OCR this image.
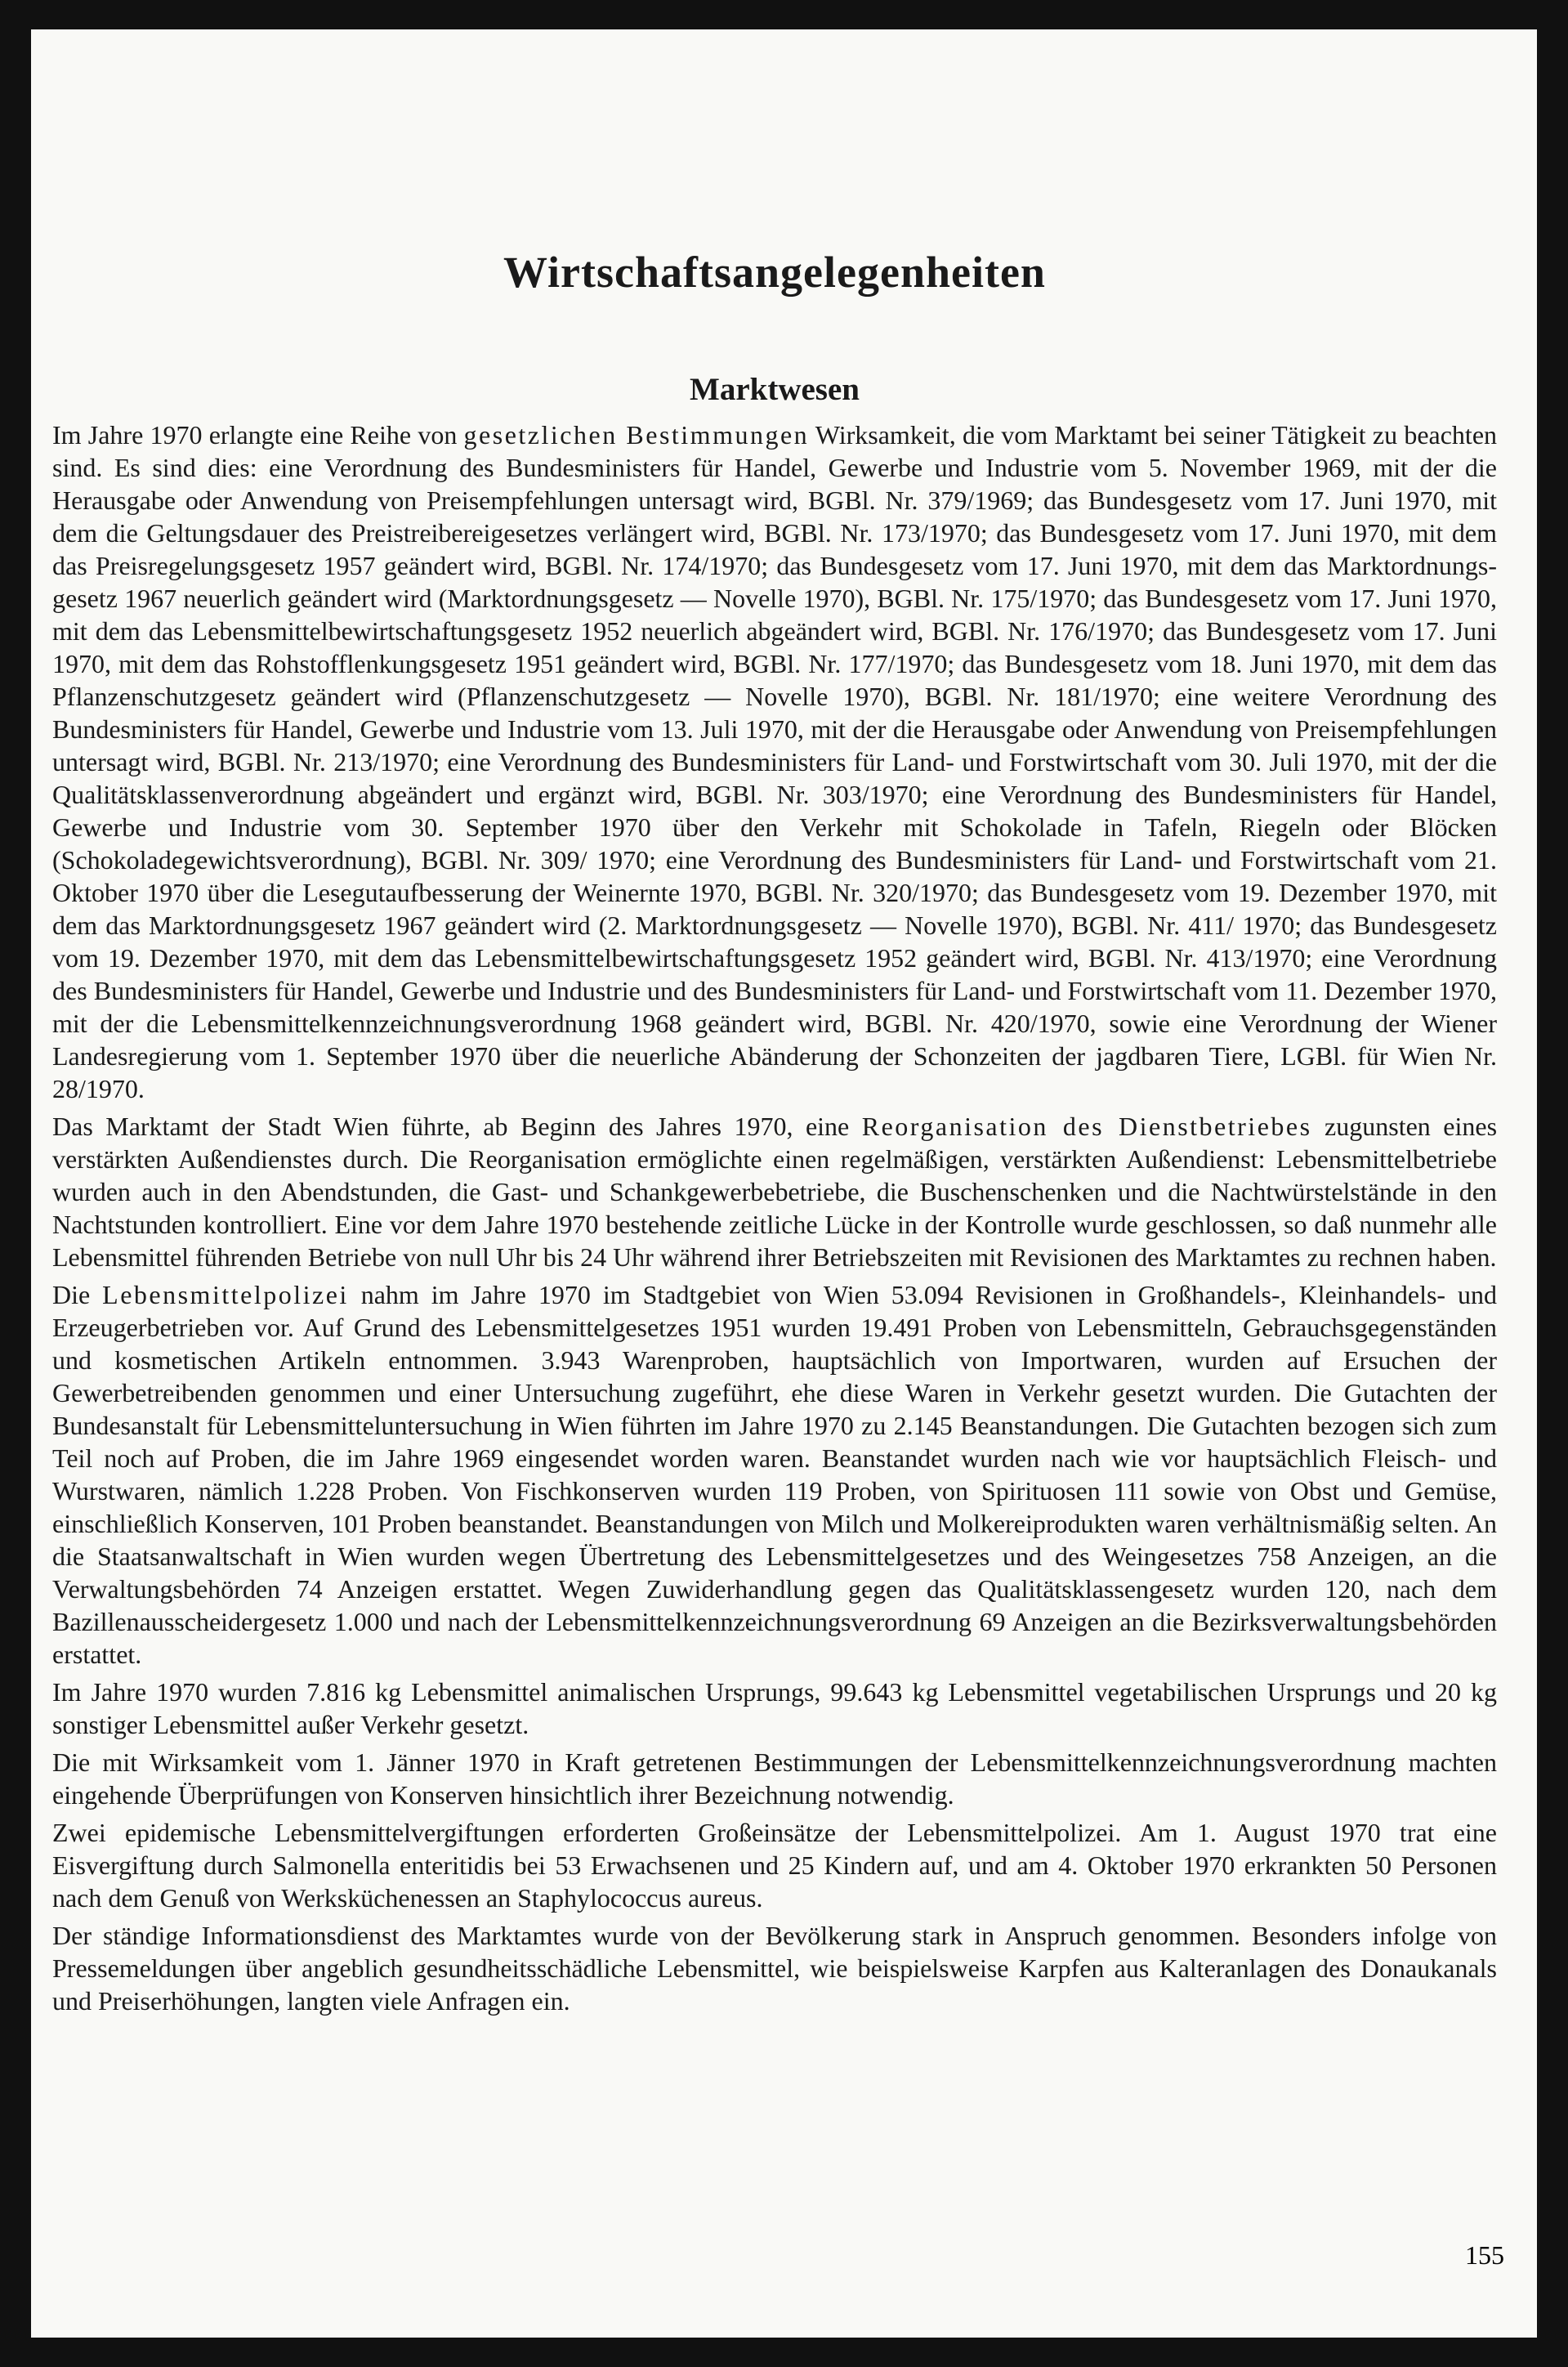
Wirtschaftsangelegenheiten
Marktwesen

Im Jahre 1970 erlangte eine Reihe von gesetzlichen Bestimmungen Wirksamkeit, die vom Marktamt bei seiner Tätigkeit zu beachten sind. Es sind dies: eine Verordnung des Bundesministers für Handel, Gewerbe und Industrie vom 5. November 1969, mit der die Herausgabe oder Anwendung von Preisempfehlungen untersagt wird, BGBl. Nr. 379/1969; das Bundesgesetz vom 17. Juni 1970, mit dem die Geltungsdauer des Preistreibereigesetzes verlängert wird, BGBl. Nr. 173/1970; das Bundesgesetz vom 17. Juni 1970, mit dem das Preisregelungsgesetz 1957 geändert wird, BGBl. Nr. 174/1970; das Bundesgesetz vom 17. Juni 1970, mit dem das Marktordnungsgesetz 1967 neuerlich geändert wird (Marktordnungsgesetz — Novelle 1970), BGBl. Nr. 175/1970; das Bundesgesetz vom 17. Juni 1970, mit dem das Lebensmittelbewirtschaftungsgesetz 1952 neuerlich abgeändert wird, BGBl. Nr. 176/1970; das Bundesgesetz vom 17. Juni 1970, mit dem das Rohstofflenkungsgesetz 1951 geändert wird, BGBl. Nr. 177/1970; das Bundesgesetz vom 18. Juni 1970, mit dem das Pflanzenschutzgesetz geändert wird (Pflanzenschutzgesetz — Novelle 1970), BGBl. Nr. 181/1970; eine weitere Verordnung des Bundesministers für Handel, Gewerbe und Industrie vom 13. Juli 1970, mit der die Herausgabe oder Anwendung von Preisempfehlungen untersagt wird, BGBl. Nr. 213/1970; eine Verordnung des Bundesministers für Land- und Forstwirtschaft vom 30. Juli 1970, mit der die Qualitätsklassenverordnung abgeändert und ergänzt wird, BGBl. Nr. 303/1970; eine Verordnung des Bundesministers für Handel, Gewerbe und Industrie vom 30. September 1970 über den Verkehr mit Schokolade in Tafeln, Riegeln oder Blöcken (Schokoladegewichtsverordnung), BGBl. Nr. 309/ 1970; eine Verordnung des Bundesministers für Land- und Forstwirtschaft vom 21. Oktober 1970 über die Lesegutaufbesserung der Weinernte 1970, BGBl. Nr. 320/1970; das Bundesgesetz vom 19. Dezember 1970, mit dem das Marktordnungsgesetz 1967 geändert wird (2. Marktordnungsgesetz — Novelle 1970), BGBl. Nr. 411/ 1970; das Bundesgesetz vom 19. Dezember 1970, mit dem das Lebensmittelbewirtschaftungsgesetz 1952 geändert wird, BGBl. Nr. 413/1970; eine Verordnung des Bundesministers für Handel, Gewerbe und Industrie und des Bundesministers für Land- und Forstwirtschaft vom 11. Dezember 1970, mit der die Lebensmittelkennzeichnungsverordnung 1968 geändert wird, BGBl. Nr. 420/1970, sowie eine Verordnung der Wiener Landesregierung vom 1. September 1970 über die neuerliche Abänderung der Schonzeiten der jagdbaren Tiere, LGBl. für Wien Nr. 28/1970.

Das Marktamt der Stadt Wien führte, ab Beginn des Jahres 1970, eine Reorganisation des Dienstbetriebes zugunsten eines verstärkten Außendienstes durch. Die Reorganisation ermöglichte einen regelmäßigen, verstärkten Außendienst: Lebensmittelbetriebe wurden auch in den Abendstunden, die Gast- und Schankgewerbebetriebe, die Buschenschenken und die Nachtwürstelstände in den Nachtstunden kontrolliert. Eine vor dem Jahre 1970 bestehende zeitliche Lücke in der Kontrolle wurde geschlossen, so daß nunmehr alle Lebensmittel führenden Betriebe von null Uhr bis 24 Uhr während ihrer Betriebszeiten mit Revisionen des Marktamtes zu rechnen haben.

Die Lebensmittelpolizei nahm im Jahre 1970 im Stadtgebiet von Wien 53.094 Revisionen in Großhandels-, Kleinhandels- und Erzeugerbetrieben vor. Auf Grund des Lebensmittelgesetzes 1951 wurden 19.491 Proben von Lebensmitteln, Gebrauchsgegenständen und kosmetischen Artikeln entnommen. 3.943 Warenproben, hauptsächlich von Importwaren, wurden auf Ersuchen der Gewerbetreibenden genommen und einer Untersuchung zugeführt, ehe diese Waren in Verkehr gesetzt wurden. Die Gutachten der Bundesanstalt für Lebensmitteluntersuchung in Wien führten im Jahre 1970 zu 2.145 Beanstandungen. Die Gutachten bezogen sich zum Teil noch auf Proben, die im Jahre 1969 eingesendet worden waren. Beanstandet wurden nach wie vor hauptsächlich Fleisch- und Wurstwaren, nämlich 1.228 Proben. Von Fischkonserven wurden 119 Proben, von Spirituosen 111 sowie von Obst und Gemüse, einschließlich Konserven, 101 Proben beanstandet. Beanstandungen von Milch und Molkereiprodukten waren verhältnismäßig selten. An die Staatsanwaltschaft in Wien wurden wegen Übertretung des Lebensmittelgesetzes und des Weingesetzes 758 Anzeigen, an die Verwaltungsbehörden 74 Anzeigen erstattet. Wegen Zuwiderhandlung gegen das Qualitätsklassengesetz wurden 120, nach dem Bazillenausscheidergesetz 1.000 und nach der Lebensmittelkennzeichnungsverordnung 69 Anzeigen an die Bezirksverwaltungsbehörden erstattet.

Im Jahre 1970 wurden 7.816 kg Lebensmittel animalischen Ursprungs, 99.643 kg Lebensmittel vegetabilischen Ursprungs und 20 kg sonstiger Lebensmittel außer Verkehr gesetzt.

Die mit Wirksamkeit vom 1. Jänner 1970 in Kraft getretenen Bestimmungen der Lebensmittelkennzeichnungsverordnung machten eingehende Überprüfungen von Konserven hinsichtlich ihrer Bezeichnung notwendig.

Zwei epidemische Lebensmittelvergiftungen erforderten Großeinsätze der Lebensmittelpolizei. Am 1. August 1970 trat eine Eisvergiftung durch Salmonella enteritidis bei 53 Erwachsenen und 25 Kindern auf, und am 4. Oktober 1970 erkrankten 50 Personen nach dem Genuß von Werksküchenessen an Staphylococcus aureus.

Der ständige Informationsdienst des Marktamtes wurde von der Bevölkerung stark in Anspruch genommen. Besonders infolge von Pressemeldungen über angeblich gesundheitsschädliche Lebensmittel, wie beispielsweise Karpfen aus Kalteranlagen des Donaukanals und Preiserhöhungen, langten viele Anfragen ein.

155
